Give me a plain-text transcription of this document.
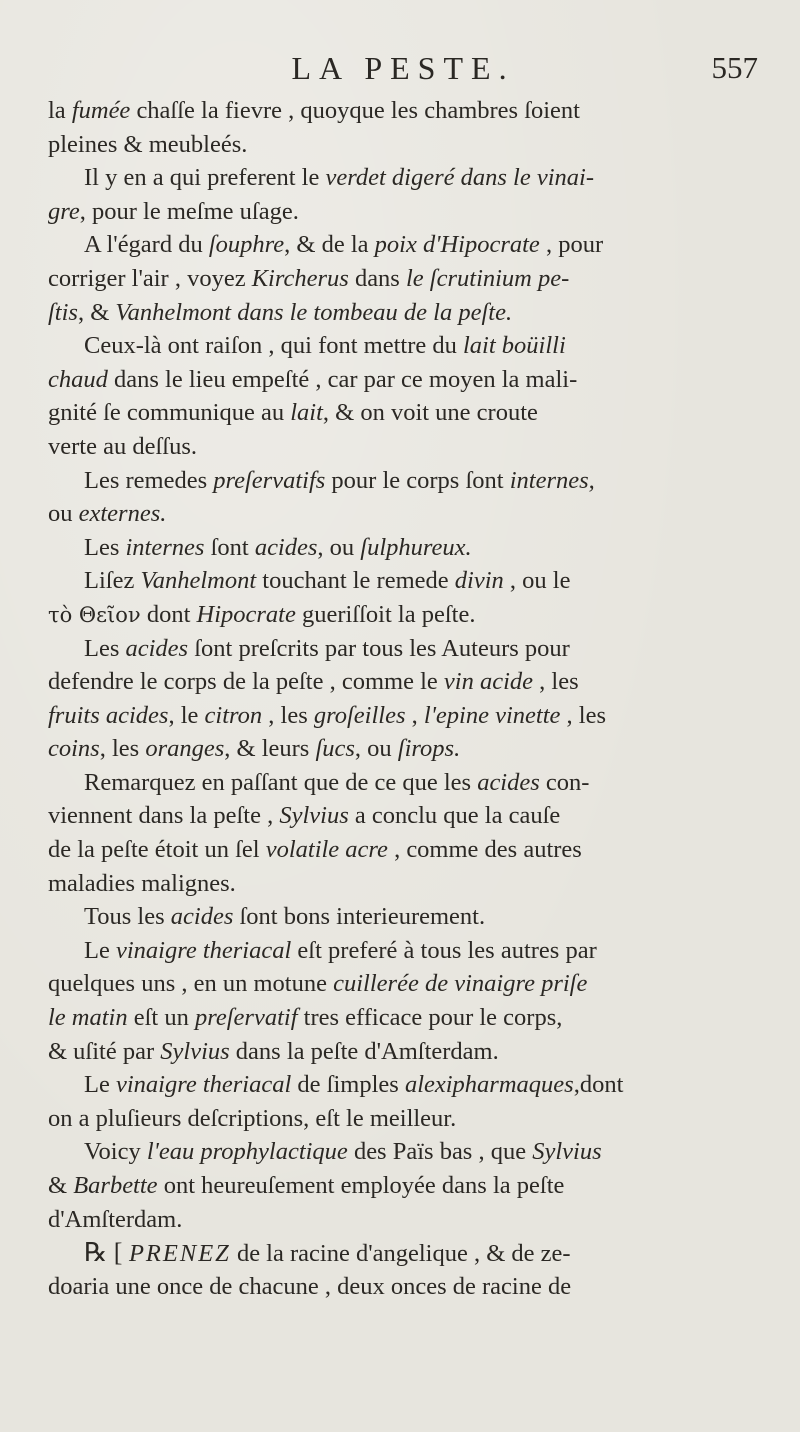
LA PESTE.	557
la fumée chaſſe la fievre , quoyque les chambres ſoient
pleines & meubleés.
Il y en a qui preferent le verdet digeré dans le vinai-
gre, pour le meſme uſage.
A l'égard du ſouphre, & de la poix d'Hipocrate , pour
corriger l'air , voyez Kircherus dans le ſcrutinium pe-
ſtis, & Vanhelmont dans le tombeau de la peſte.
Ceux-là ont raiſon , qui font mettre du lait boüilli
chaud dans le lieu empeſté , car par ce moyen la mali-
gnité ſe communique au lait, & on voit une croute
verte au deſſus.
Les remedes preſervatifs pour le corps ſont internes,
ou externes.
Les internes ſont acides, ou ſulphureux.
Liſez Vanhelmont touchant le remede divin , ou le
τὸ Θεῖον dont Hipocrate gueriſſoit la peſte.
Les acides ſont preſcrits par tous les Auteurs pour
defendre le corps de la peſte , comme le vin acide , les
fruits acides, le citron , les groſeilles , l'epine vinette , les
coins, les oranges, & leurs ſucs, ou ſirops.
Remarquez en paſſant que de ce que les acides con-
viennent dans la peſte , Sylvius a conclu que la cauſe
de la peſte étoit un ſel volatile acre , comme des autres
maladies malignes.
Tous les acides ſont bons interieurement.
Le vinaigre theriacal eſt preferé à tous les autres par
quelques uns , en un motune cuillerée de vinaigre priſe
le matin eſt un preſervatif tres efficace pour le corps,
& uſité par Sylvius dans la peſte d'Amſterdam.
Le vinaigre theriacal de ſimples alexipharmaques,dont
on a pluſieurs deſcriptions, eſt le meilleur.
Voicy l'eau prophylactique des Païs bas , que Sylvius
& Barbette ont heureuſement employée dans la peſte
d'Amſterdam.
℞ [ PRENEZ de la racine d'angelique , & de ze-
doaria une once de chacune , deux onces de racine de
